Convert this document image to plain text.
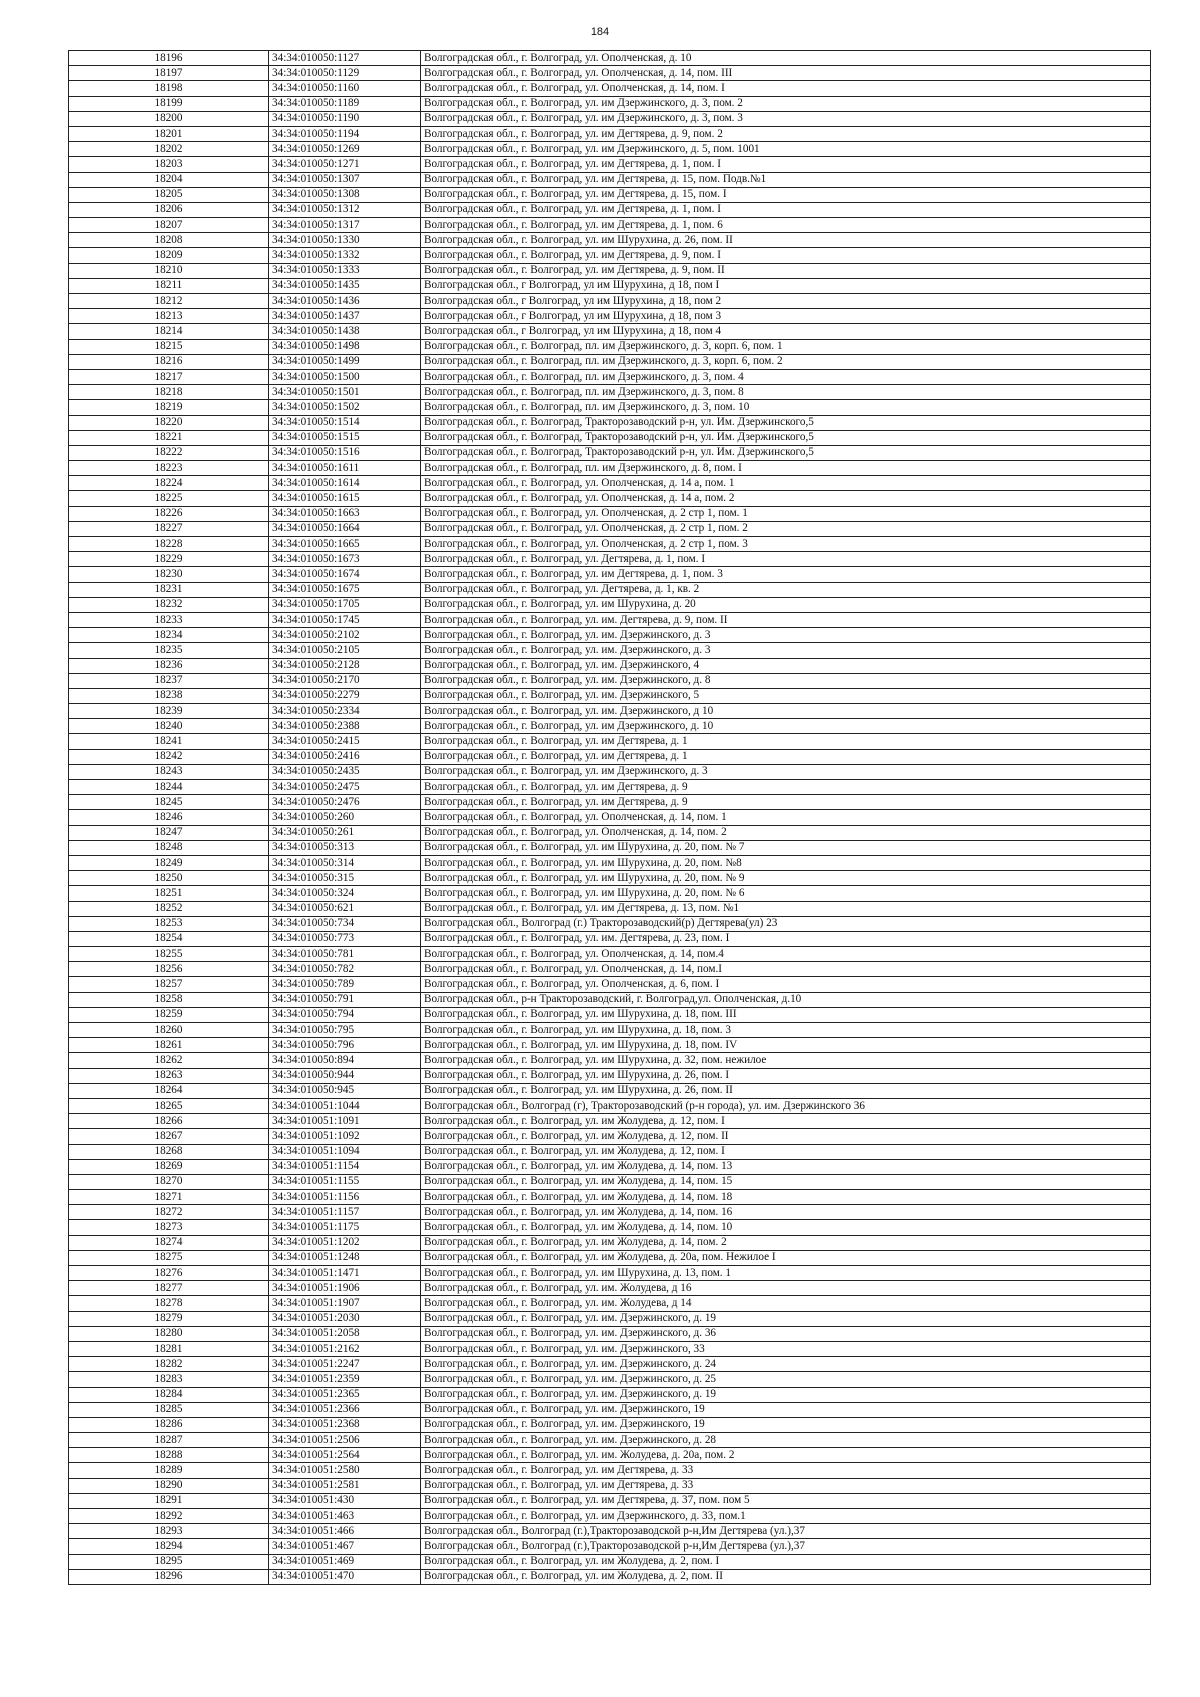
184
18196	34:34:010050:1127	Волгоградская обл., г. Волгоград, ул. Ополченская, д. 10
18197	34:34:010050:1129	Волгоградская обл., г. Волгоград, ул. Ополченская, д. 14, пом. III
18198	34:34:010050:1160	Волгоградская обл., г. Волгоград, ул. Ополченская, д. 14, пом. I
18199	34:34:010050:1189	Волгоградская обл., г. Волгоград, ул. им Дзержинского, д. 3, пом. 2
18200	34:34:010050:1190	Волгоградская обл., г. Волгоград, ул. им Дзержинского, д. 3, пом. 3
18201	34:34:010050:1194	Волгоградская обл., г. Волгоград, ул. им Дегтярева, д. 9, пом. 2
18202	34:34:010050:1269	Волгоградская обл., г. Волгоград, ул. им Дзержинского, д. 5, пом. 1001
18203	34:34:010050:1271	Волгоградская обл., г. Волгоград, ул. им Дегтярева, д. 1, пом. I
18204	34:34:010050:1307	Волгоградская обл., г. Волгоград, ул. им Дегтярева, д. 15, пом. Подв.№1
18205	34:34:010050:1308	Волгоградская обл., г. Волгоград, ул. им Дегтярева, д. 15, пом. I
18206	34:34:010050:1312	Волгоградская обл., г. Волгоград, ул. им Дегтярева, д. 1, пом. I
18207	34:34:010050:1317	Волгоградская обл., г. Волгоград, ул. им Дегтярева, д. 1, пом. 6
18208	34:34:010050:1330	Волгоградская обл., г. Волгоград, ул. им Шурухина, д. 26, пом. II
18209	34:34:010050:1332	Волгоградская обл., г. Волгоград, ул. им Дегтярева, д. 9, пом. I
18210	34:34:010050:1333	Волгоградская обл., г. Волгоград, ул. им Дегтярева, д. 9, пом. II
18211	34:34:010050:1435	Волгоградская обл., г Волгоград, ул им Шурухина, д 18, пом I
18212	34:34:010050:1436	Волгоградская обл., г Волгоград, ул им Шурухина, д 18, пом 2
18213	34:34:010050:1437	Волгоградская обл., г Волгоград, ул им Шурухина, д 18, пом 3
18214	34:34:010050:1438	Волгоградская обл., г Волгоград, ул им Шурухина, д 18, пом 4
18215	34:34:010050:1498	Волгоградская обл., г. Волгоград, пл. им Дзержинского, д. 3, корп. 6, пом. 1
18216	34:34:010050:1499	Волгоградская обл., г. Волгоград, пл. им Дзержинского, д. 3, корп. 6, пом. 2
18217	34:34:010050:1500	Волгоградская обл., г. Волгоград, пл. им Дзержинского, д. 3, пом. 4
18218	34:34:010050:1501	Волгоградская обл., г. Волгоград, пл. им Дзержинского, д. 3, пом. 8
18219	34:34:010050:1502	Волгоградская обл., г. Волгоград, пл. им Дзержинского, д. 3, пом. 10
18220	34:34:010050:1514	Волгоградская обл., г. Волгоград, Тракторозаводский р-н, ул. Им. Дзержинского,5
18221	34:34:010050:1515	Волгоградская обл., г. Волгоград, Тракторозаводский р-н, ул. Им. Дзержинского,5
18222	34:34:010050:1516	Волгоградская обл., г. Волгоград, Тракторозаводский р-н, ул. Им. Дзержинского,5
18223	34:34:010050:1611	Волгоградская обл., г. Волгоград, пл. им Дзержинского, д. 8, пом. I
18224	34:34:010050:1614	Волгоградская обл., г. Волгоград, ул. Ополченская, д. 14 а, пом. 1
18225	34:34:010050:1615	Волгоградская обл., г. Волгоград, ул. Ополченская, д. 14 а, пом. 2
18226	34:34:010050:1663	Волгоградская обл., г. Волгоград, ул. Ополченская, д. 2 стр 1, пом. 1
18227	34:34:010050:1664	Волгоградская обл., г. Волгоград, ул. Ополченская, д. 2 стр 1, пом. 2
18228	34:34:010050:1665	Волгоградская обл., г. Волгоград, ул. Ополченская, д. 2 стр 1, пом. 3
18229	34:34:010050:1673	Волгоградская обл., г. Волгоград, ул. Дегтярева, д. 1, пом. I
18230	34:34:010050:1674	Волгоградская обл., г. Волгоград, ул. им Дегтярева, д. 1, пом. 3
18231	34:34:010050:1675	Волгоградская обл., г. Волгоград, ул. Дегтярева, д. 1, кв. 2
18232	34:34:010050:1705	Волгоградская обл., г. Волгоград, ул. им Шурухина, д. 20
18233	34:34:010050:1745	Волгоградская обл., г. Волгоград, ул. им. Дегтярева, д. 9, пом. II
18234	34:34:010050:2102	Волгоградская обл., г. Волгоград, ул. им. Дзержинского, д. 3
18235	34:34:010050:2105	Волгоградская обл., г. Волгоград, ул. им. Дзержинского, д. 3
18236	34:34:010050:2128	Волгоградская обл., г. Волгоград, ул. им. Дзержинского, 4
18237	34:34:010050:2170	Волгоградская обл., г. Волгоград, ул. им. Дзержинского, д. 8
18238	34:34:010050:2279	Волгоградская обл., г. Волгоград, ул. им. Дзержинского, 5
18239	34:34:010050:2334	Волгоградская обл., г. Волгоград, ул. им. Дзержинского, д 10
18240	34:34:010050:2388	Волгоградская обл., г. Волгоград, ул. им Дзержинского, д. 10
18241	34:34:010050:2415	Волгоградская обл., г. Волгоград, ул. им Дегтярева, д. 1
18242	34:34:010050:2416	Волгоградская обл., г. Волгоград, ул. им Дегтярева, д. 1
18243	34:34:010050:2435	Волгоградская обл., г. Волгоград, ул. им Дзержинского, д. 3
18244	34:34:010050:2475	Волгоградская обл., г. Волгоград, ул. им Дегтярева, д. 9
18245	34:34:010050:2476	Волгоградская обл., г. Волгоград, ул. им Дегтярева, д. 9
18246	34:34:010050:260	Волгоградская обл., г. Волгоград, ул. Ополченская, д. 14, пом. 1
18247	34:34:010050:261	Волгоградская обл., г. Волгоград, ул. Ополченская, д. 14, пом. 2
18248	34:34:010050:313	Волгоградская обл., г. Волгоград, ул. им Шурухина, д. 20, пом. № 7
18249	34:34:010050:314	Волгоградская обл., г. Волгоград, ул. им Шурухина, д. 20, пом. №8
18250	34:34:010050:315	Волгоградская обл., г. Волгоград, ул. им Шурухина, д. 20, пом. № 9
18251	34:34:010050:324	Волгоградская обл., г. Волгоград, ул. им Шурухина, д. 20, пом. № 6
18252	34:34:010050:621	Волгоградская обл., г. Волгоград, ул. им Дегтярева, д. 13, пом. №1
18253	34:34:010050:734	Волгоградская обл., Волгоград (г.) Тракторозаводский(р) Дегтярева(ул) 23
18254	34:34:010050:773	Волгоградская обл., г. Волгоград, ул. им. Дегтярева, д. 23, пом. I
18255	34:34:010050:781	Волгоградская обл., г. Волгоград, ул. Ополченская, д. 14, пом.4
18256	34:34:010050:782	Волгоградская обл., г. Волгоград, ул. Ополченская, д. 14, пом.I
18257	34:34:010050:789	Волгоградская обл., г. Волгоград, ул. Ополченская, д. 6, пом. I
18258	34:34:010050:791	Волгоградская обл., р-н Тракторозаводский, г. Волгоград,ул. Ополченская, д.10
18259	34:34:010050:794	Волгоградская обл., г. Волгоград, ул. им Шурухина, д. 18, пом. III
18260	34:34:010050:795	Волгоградская обл., г. Волгоград, ул. им Шурухина, д. 18, пом. 3
18261	34:34:010050:796	Волгоградская обл., г. Волгоград, ул. им Шурухина, д. 18, пом. IV
18262	34:34:010050:894	Волгоградская обл., г. Волгоград, ул. им Шурухина, д. 32, пом. нежилое
18263	34:34:010050:944	Волгоградская обл., г. Волгоград, ул. им Шурухина, д. 26, пом. I
18264	34:34:010050:945	Волгоградская обл., г. Волгоград, ул. им Шурухина, д. 26, пом. II
18265	34:34:010051:1044	Волгоградская обл., Волгоград (г), Тракторозаводский (р-н города), ул. им. Дзержинского 36
18266	34:34:010051:1091	Волгоградская обл., г. Волгоград, ул. им Жолудева, д. 12, пом. I
18267	34:34:010051:1092	Волгоградская обл., г. Волгоград, ул. им Жолудева, д. 12, пом. II
18268	34:34:010051:1094	Волгоградская обл., г. Волгоград, ул. им Жолудева, д. 12, пом. I
18269	34:34:010051:1154	Волгоградская обл., г. Волгоград, ул. им Жолудева, д. 14, пом. 13
18270	34:34:010051:1155	Волгоградская обл., г. Волгоград, ул. им Жолудева, д. 14, пом. 15
18271	34:34:010051:1156	Волгоградская обл., г. Волгоград, ул. им Жолудева, д. 14, пом. 18
18272	34:34:010051:1157	Волгоградская обл., г. Волгоград, ул. им Жолудева, д. 14, пом. 16
18273	34:34:010051:1175	Волгоградская обл., г. Волгоград, ул. им Жолудева, д. 14, пом. 10
18274	34:34:010051:1202	Волгоградская обл., г. Волгоград, ул. им Жолудева, д. 14, пом. 2
18275	34:34:010051:1248	Волгоградская обл., г. Волгоград, ул. им Жолудева, д. 20а, пом. Нежилое I
18276	34:34:010051:1471	Волгоградская обл., г. Волгоград, ул. им Шурухина, д. 13, пом. 1
18277	34:34:010051:1906	Волгоградская обл., г. Волгоград, ул. им. Жолудева, д 16
18278	34:34:010051:1907	Волгоградская обл., г. Волгоград, ул. им. Жолудева, д 14
18279	34:34:010051:2030	Волгоградская обл., г. Волгоград, ул. им. Дзержинского, д. 19
18280	34:34:010051:2058	Волгоградская обл., г. Волгоград, ул. им. Дзержинского, д. 36
18281	34:34:010051:2162	Волгоградская обл., г. Волгоград, ул. им. Дзержинского, 33
18282	34:34:010051:2247	Волгоградская обл., г. Волгоград, ул. им. Дзержинского, д. 24
18283	34:34:010051:2359	Волгоградская обл., г. Волгоград, ул. им. Дзержинского, д. 25
18284	34:34:010051:2365	Волгоградская обл., г. Волгоград, ул. им. Дзержинского, д. 19
18285	34:34:010051:2366	Волгоградская обл., г. Волгоград, ул. им. Дзержинского, 19
18286	34:34:010051:2368	Волгоградская обл., г. Волгоград, ул. им. Дзержинского, 19
18287	34:34:010051:2506	Волгоградская обл., г. Волгоград, ул. им. Дзержинского, д. 28
18288	34:34:010051:2564	Волгоградская обл., г. Волгоград, ул. им. Жолудева, д. 20а, пом. 2
18289	34:34:010051:2580	Волгоградская обл., г. Волгоград, ул. им Дегтярева, д. 33
18290	34:34:010051:2581	Волгоградская обл., г. Волгоград, ул. им Дегтярева, д. 33
18291	34:34:010051:430	Волгоградская обл., г. Волгоград, ул. им Дегтярева, д. 37, пом. пом 5
18292	34:34:010051:463	Волгоградская обл., г. Волгоград, ул. им Дзержинского, д. 33, пом.1
18293	34:34:010051:466	Волгоградская обл., Волгоград (г.),Тракторозаводской р-н,Им Дегтярева (ул.),37
18294	34:34:010051:467	Волгоградская обл., Волгоград (г.),Тракторозаводской р-н,Им Дегтярева (ул.),37
18295	34:34:010051:469	Волгоградская обл., г. Волгоград, ул. им Жолудева, д. 2, пом. I
18296	34:34:010051:470	Волгоградская обл., г. Волгоград, ул. им Жолудева, д. 2, пом. II
